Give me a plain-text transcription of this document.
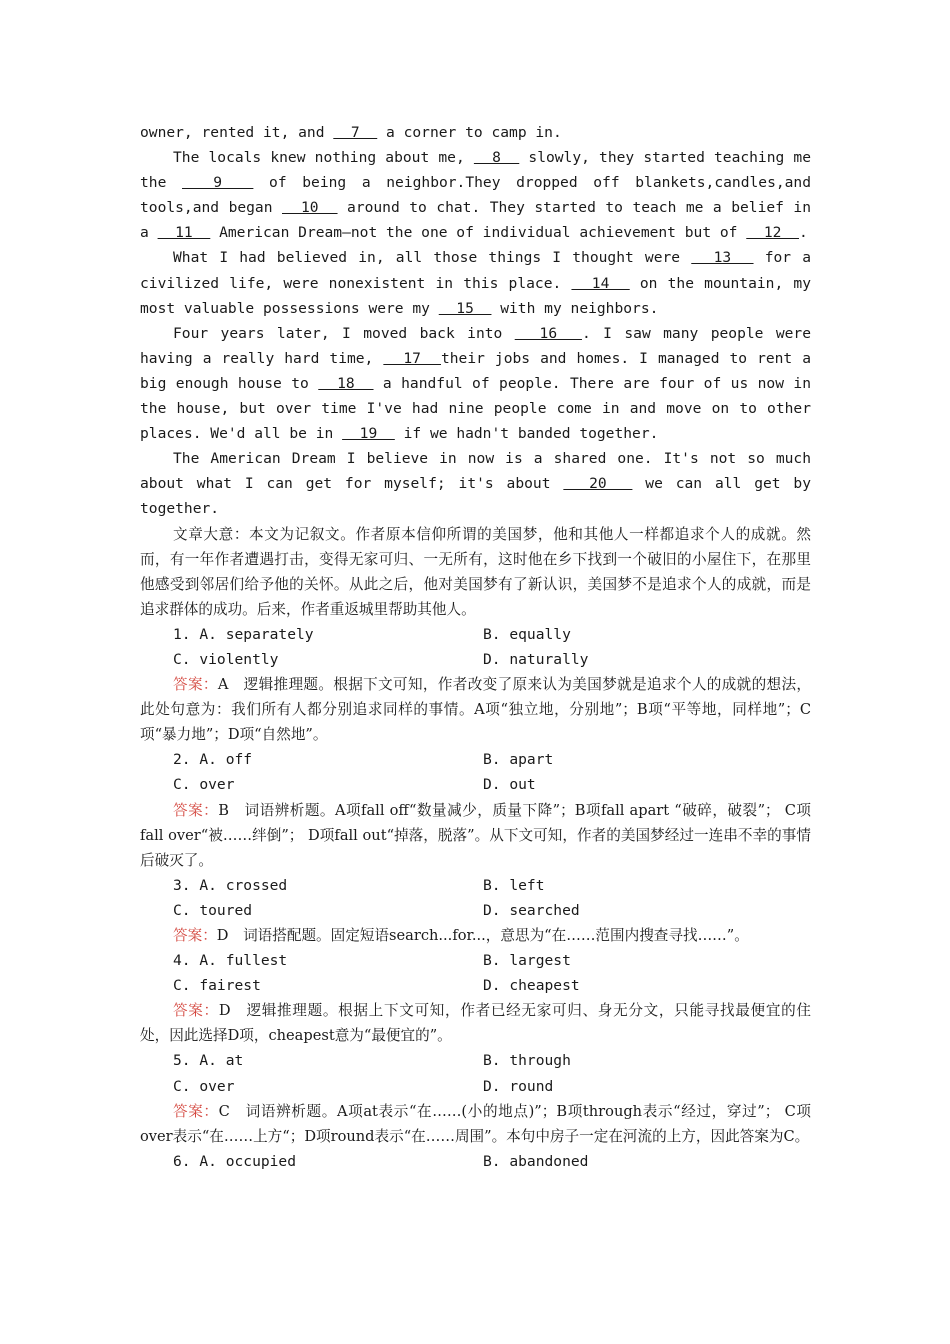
owner, rented it, and   7   a corner to camp in.

The locals knew nothing about me,   8   slowly, they started teaching me the   9   of being a neighbor.They dropped off blankets,candles,and tools,and began   10   around to chat. They started to teach me a belief in a   11   American Dream—not the one of individual achievement but of   12  .

What I had believed in, all those things I thought were   13   for a civilized life, were nonexistent in this place.   14   on the mountain, my most valuable possessions were my   15   with my neighbors.

Four years later, I moved back into   16  . I saw many people were having a really hard time,   17  their jobs and homes. I managed to rent a big enough house to   18   a handful of people. There are four of us now in the house, but over time I've had nine people come in and move on to other places. We'd all be in   19   if we hadn't banded together.

The American Dream I believe in now is a shared one. It's not so much about what I can get for myself; it's about   20   we can all get by together.

文章大意：本文为记叙文。作者原本信仰所谓的美国梦，他和其他人一样都追求个人的成就。然而，有一年作者遭遇打击，变得无家可归、一无所有，这时他在乡下找到一个破旧的小屋住下，在那里他感受到邻居们给予他的关怀。从此之后，他对美国梦有了新认识，美国梦不是追求个人的成就，而是追求群体的成功。后来，作者重返城里帮助其他人。

1. A. separately	B. equally
C. violently	D. naturally

答案：A　逻辑推理题。根据下文可知，作者改变了原来认为美国梦就是追求个人的成就的想法，此处句意为：我们所有人都分别追求同样的事情。A项“独立地，分别地”；B项“平等地，同样地”；C项“暴力地”；D项“自然地”。

2. A. off	B. apart
C. over	D. out

答案：B　词语辨析题。A项fall off“数量减少，质量下降”；B项fall apart “破碎，破裂”； C项fall over“被……绊倒”； D项fall out“掉落，脱落”。从下文可知，作者的美国梦经过一连串不幸的事情后破灭了。

3. A. crossed	B. left
C. toured	D. searched

答案：D　词语搭配题。固定短语search...for...，意思为“在……范围内搜查寻找……”。

4. A. fullest	B. largest
C. fairest	D. cheapest

答案：D　逻辑推理题。根据上下文可知，作者已经无家可归、身无分文，只能寻找最便宜的住处，因此选择D项，cheapest意为“最便宜的”。

5. A. at	B. through
C. over	D. round

答案：C　词语辨析题。A项at表示“在……(小的地点)”；B项through表示“经过，穿过”； C项over表示“在……上方“；D项round表示“在……周围”。本句中房子一定在河流的上方，因此答案为C。

6. A. occupied	B. abandoned
